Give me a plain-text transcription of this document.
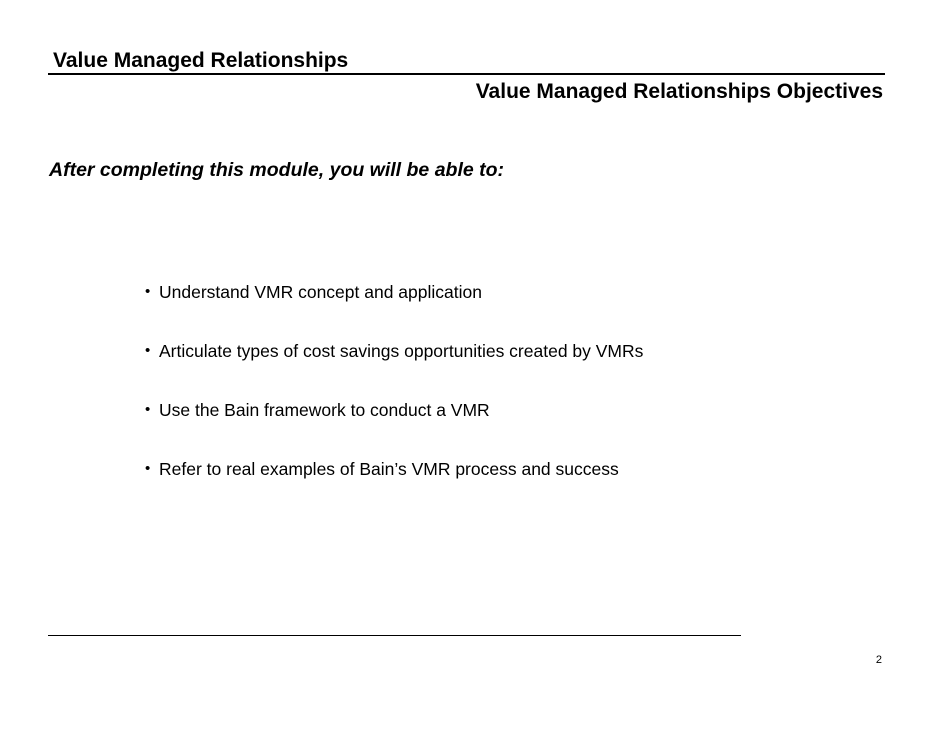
Value Managed Relationships
Value Managed Relationships Objectives
After completing this module, you will be able to:
• Understand VMR concept and application
• Articulate types of cost savings opportunities created by VMRs
• Use the Bain framework to conduct a VMR
• Refer to real examples of Bain’s VMR process and success
2
